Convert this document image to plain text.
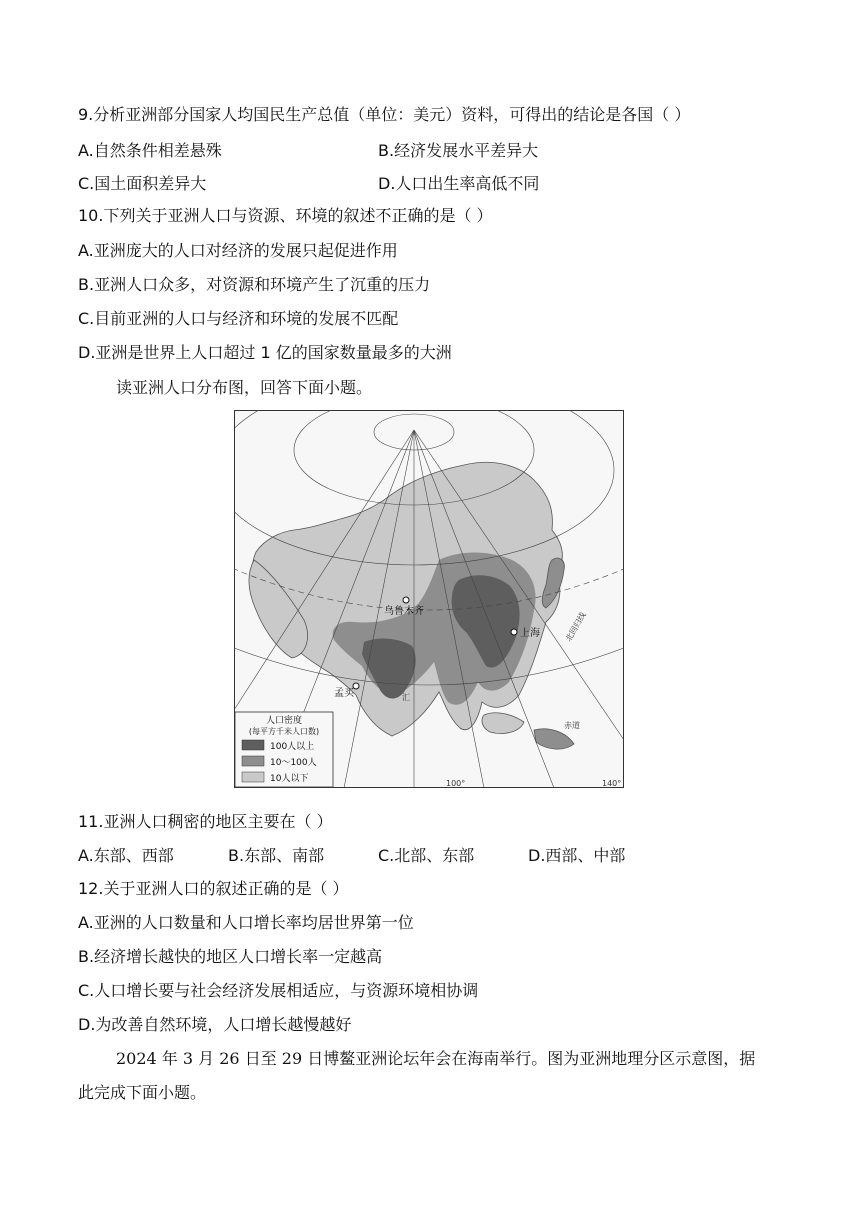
9.分析亚洲部分国家人均国民生产总值（单位：美元）资料，可得出的结论是各国（ ）
A.自然条件相差悬殊	B.经济发展水平差异大
C.国土面积差异大	D.人口出生率高低不同
10.下列关于亚洲人口与资源、环境的叙述不正确的是（ ）
A.亚洲庞大的人口对经济的发展只起促进作用
B.亚洲人口众多，对资源和环境产生了沉重的压力
C.目前亚洲的人口与经济和环境的发展不匹配
D.亚洲是世界上人口超过 1 亿的国家数量最多的大洲
读亚洲人口分布图，回答下面小题。
乌鲁木齐
上海
孟买
北回归线
赤道
汇
100°	140°
人口密度
(每平方千米人口数)
100人以上
10～100人
10人以下
11.亚洲人口稠密的地区主要在（ ）
A.东部、西部	B.东部、南部	C.北部、东部	D.西部、中部
12.关于亚洲人口的叙述正确的是（ ）
A.亚洲的人口数量和人口增长率均居世界第一位
B.经济增长越快的地区人口增长率一定越高
C.人口增长要与社会经济发展相适应，与资源环境相协调
D.为改善自然环境，人口增长越慢越好
2024 年 3 月 26 日至 29 日博鳌亚洲论坛年会在海南举行。图为亚洲地理分区示意图，据
此完成下面小题。
